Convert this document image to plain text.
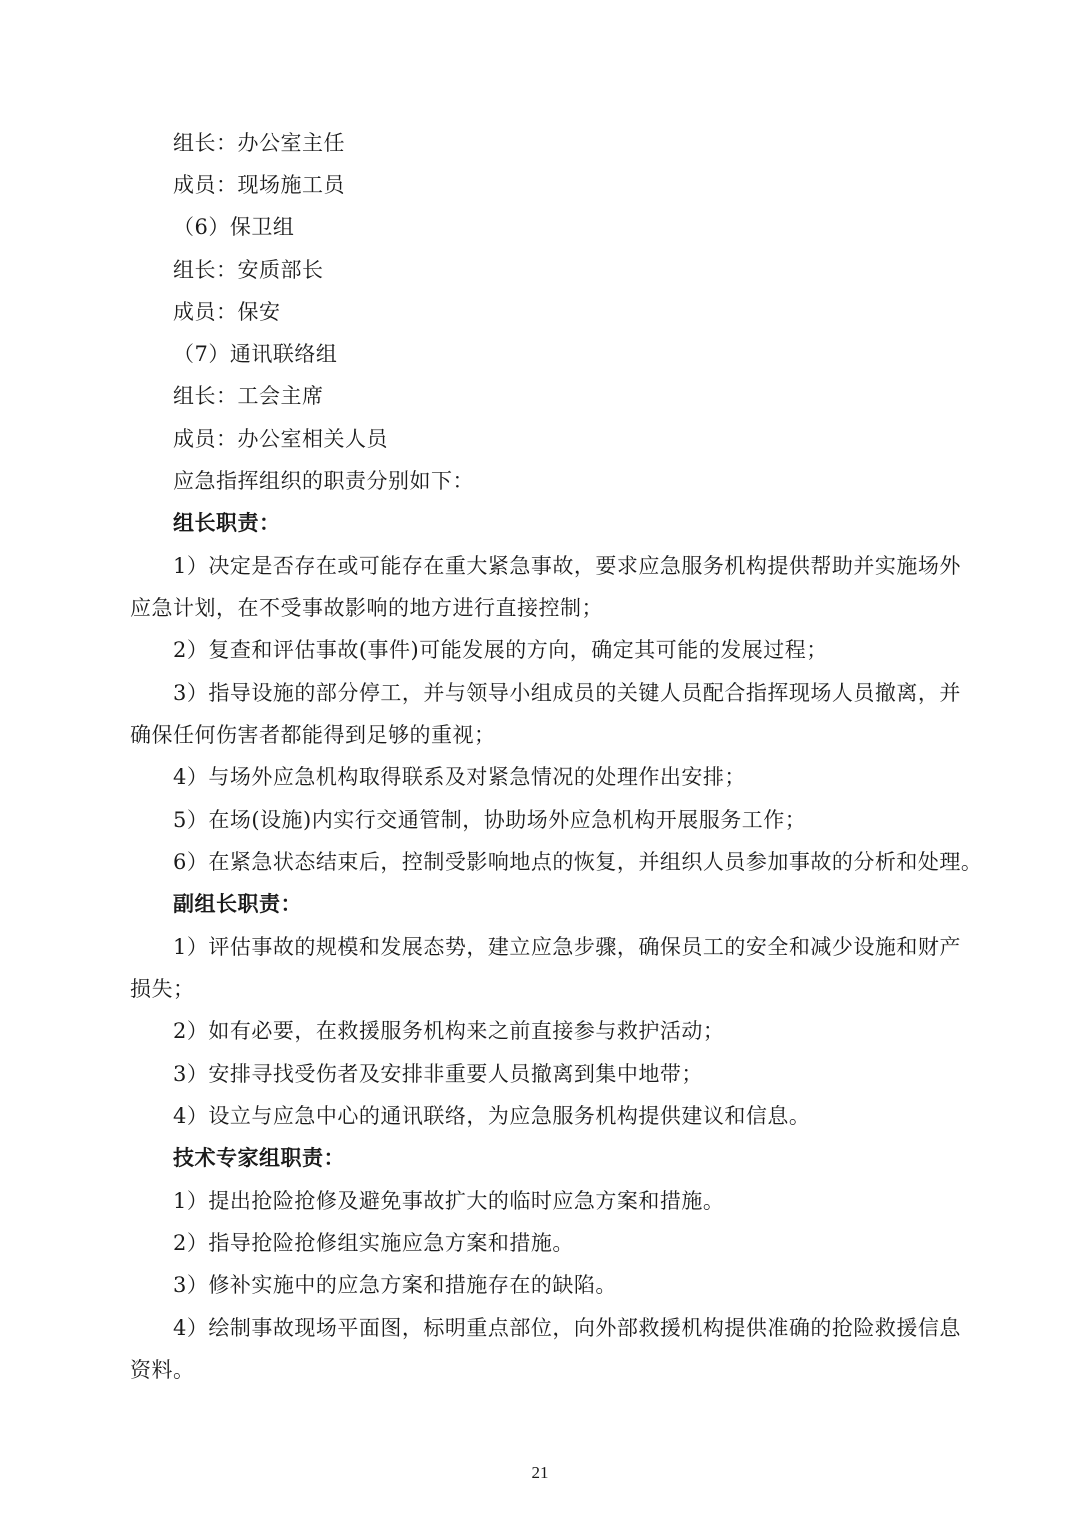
组长：办公室主任
成员：现场施工员
（6）保卫组
组长：安质部长
成员：保安
（7）通讯联络组
组长：工会主席
成员：办公室相关人员
应急指挥组织的职责分别如下：
组长职责：
1）决定是否存在或可能存在重大紧急事故，要求应急服务机构提供帮助并实施场外
应急计划，在不受事故影响的地方进行直接控制；
2）复查和评估事故(事件)可能发展的方向，确定其可能的发展过程；
3）指导设施的部分停工，并与领导小组成员的关键人员配合指挥现场人员撤离，并
确保任何伤害者都能得到足够的重视；
4）与场外应急机构取得联系及对紧急情况的处理作出安排；
5）在场(设施)内实行交通管制，协助场外应急机构开展服务工作；
6）在紧急状态结束后，控制受影响地点的恢复，并组织人员参加事故的分析和处理。
副组长职责：
1）评估事故的规模和发展态势，建立应急步骤，确保员工的安全和减少设施和财产
损失；
2）如有必要，在救援服务机构来之前直接参与救护活动；
3）安排寻找受伤者及安排非重要人员撤离到集中地带；
4）设立与应急中心的通讯联络，为应急服务机构提供建议和信息。
技术专家组职责：
1）提出抢险抢修及避免事故扩大的临时应急方案和措施。
2）指导抢险抢修组实施应急方案和措施。
3）修补实施中的应急方案和措施存在的缺陷。
4）绘制事故现场平面图，标明重点部位，向外部救援机构提供准确的抢险救援信息
资料。
21
